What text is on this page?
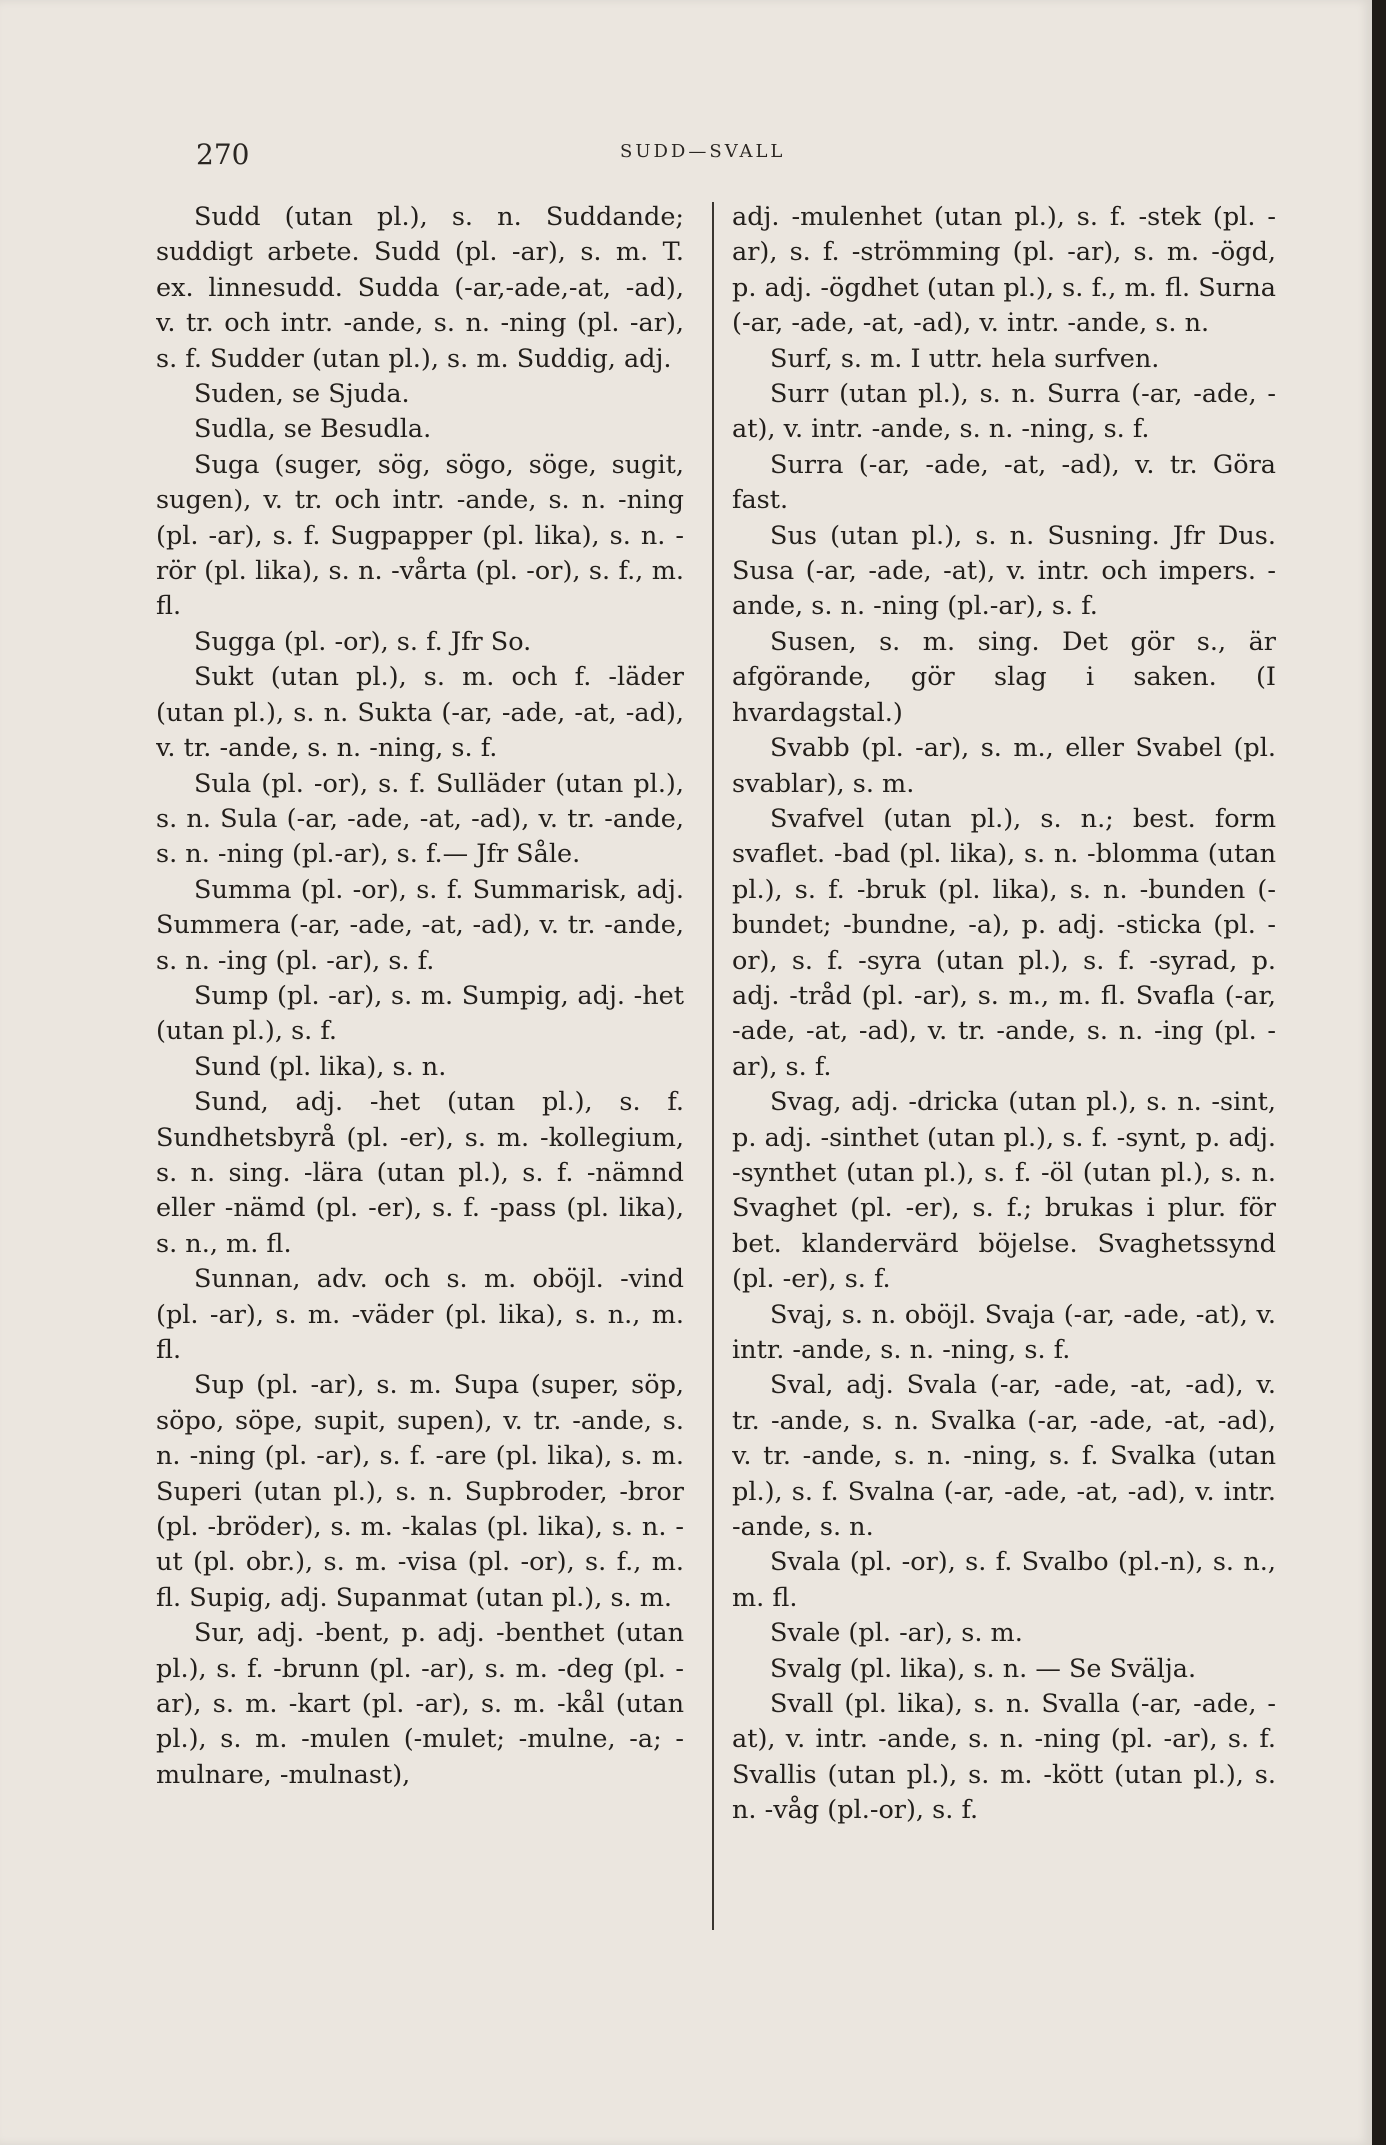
270	SUDD—SVALL

Sudd (utan pl.), s. n. Suddande; suddigt arbete. Sudd (pl. -ar), s. m. T. ex. linnesudd. Sudda (-ar,-ade,-at, -ad), v. tr. och intr. -ande, s. n. -ning (pl. -ar), s. f. Sudder (utan pl.), s. m. Suddig, adj.

Suden, se Sjuda.

Sudla, se Besudla.

Suga (suger, sög, sögo, söge, sugit, sugen), v. tr. och intr. -ande, s. n. -ning (pl. -ar), s. f. Sugpapper (pl. lika), s. n. -rör (pl. lika), s. n. -vårta (pl. -or), s. f., m. fl.

Sugga (pl. -or), s. f. Jfr So.

Sukt (utan pl.), s. m. och f. -läder (utan pl.), s. n. Sukta (-ar, -ade, -at, -ad), v. tr. -ande, s. n. -ning, s. f.

Sula (pl. -or), s. f. Sulläder (utan pl.), s. n. Sula (-ar, -ade, -at, -ad), v. tr. -ande, s. n. -ning (pl.-ar), s. f.— Jfr Såle.

Summa (pl. -or), s. f. Summarisk, adj. Summera (-ar, -ade, -at, -ad), v. tr. -ande, s. n. -ing (pl. -ar), s. f.

Sump (pl. -ar), s. m. Sumpig, adj. -het (utan pl.), s. f.

Sund (pl. lika), s. n.

Sund, adj. -het (utan pl.), s. f. Sundhetsbyrå (pl. -er), s. m. -kollegium, s. n. sing. -lära (utan pl.), s. f. -nämnd eller -nämd (pl. -er), s. f. -pass (pl. lika), s. n., m. fl.

Sunnan, adv. och s. m. oböjl. -vind (pl. -ar), s. m. -väder (pl. lika), s. n., m. fl.

Sup (pl. -ar), s. m. Supa (super, söp, söpo, söpe, supit, supen), v. tr. -ande, s. n. -ning (pl. -ar), s. f. -are (pl. lika), s. m. Superi (utan pl.), s. n. Supbroder, -bror (pl. -bröder), s. m. -kalas (pl. lika), s. n. -ut (pl. obr.), s. m. -visa (pl. -or), s. f., m. fl. Supig, adj. Supanmat (utan pl.), s. m.

Sur, adj. -bent, p. adj. -benthet (utan pl.), s. f. -brunn (pl. -ar), s. m. -deg (pl. -ar), s. m. -kart (pl. -ar), s. m. -kål (utan pl.), s. m. -mulen (-mulet; -mulne, -a; -mulnare, -mulnast),

adj. -mulenhet (utan pl.), s. f. -stek (pl. -ar), s. f. -strömming (pl. -ar), s. m. -ögd, p. adj. -ögdhet (utan pl.), s. f., m. fl. Surna (-ar, -ade, -at, -ad), v. intr. -ande, s. n.

Surf, s. m. I uttr. hela surfven.

Surr (utan pl.), s. n. Surra (-ar, -ade, -at), v. intr. -ande, s. n. -ning, s. f.

Surra (-ar, -ade, -at, -ad), v. tr. Göra fast.

Sus (utan pl.), s. n. Susning. Jfr Dus. Susa (-ar, -ade, -at), v. intr. och impers. -ande, s. n. -ning (pl.-ar), s. f.

Susen, s. m. sing. Det gör s., är afgörande, gör slag i saken. (I hvardagstal.)

Svabb (pl. -ar), s. m., eller Svabel (pl. svablar), s. m.

Svafvel (utan pl.), s. n.; best. form svaflet. -bad (pl. lika), s. n. -blomma (utan pl.), s. f. -bruk (pl. lika), s. n. -bunden (-bundet; -bundne, -a), p. adj. -sticka (pl. -or), s. f. -syra (utan pl.), s. f. -syrad, p. adj. -tråd (pl. -ar), s. m., m. fl. Svafla (-ar, -ade, -at, -ad), v. tr. -ande, s. n. -ing (pl. -ar), s. f.

Svag, adj. -dricka (utan pl.), s. n. -sint, p. adj. -sinthet (utan pl.), s. f. -synt, p. adj. -synthet (utan pl.), s. f. -öl (utan pl.), s. n. Svaghet (pl. -er), s. f.; brukas i plur. för bet. klandervärd böjelse. Svaghetssynd (pl. -er), s. f.

Svaj, s. n. oböjl. Svaja (-ar, -ade, -at), v. intr. -ande, s. n. -ning, s. f.

Sval, adj. Svala (-ar, -ade, -at, -ad), v. tr. -ande, s. n. Svalka (-ar, -ade, -at, -ad), v. tr. -ande, s. n. -ning, s. f. Svalka (utan pl.), s. f. Svalna (-ar, -ade, -at, -ad), v. intr. -ande, s. n.

Svala (pl. -or), s. f. Svalbo (pl.-n), s. n., m. fl.

Svale (pl. -ar), s. m.

Svalg (pl. lika), s. n. — Se Svälja.

Svall (pl. lika), s. n. Svalla (-ar, -ade, -at), v. intr. -ande, s. n. -ning (pl. -ar), s. f. Svallis (utan pl.), s. m. -kött (utan pl.), s. n. -våg (pl.-or), s. f.
